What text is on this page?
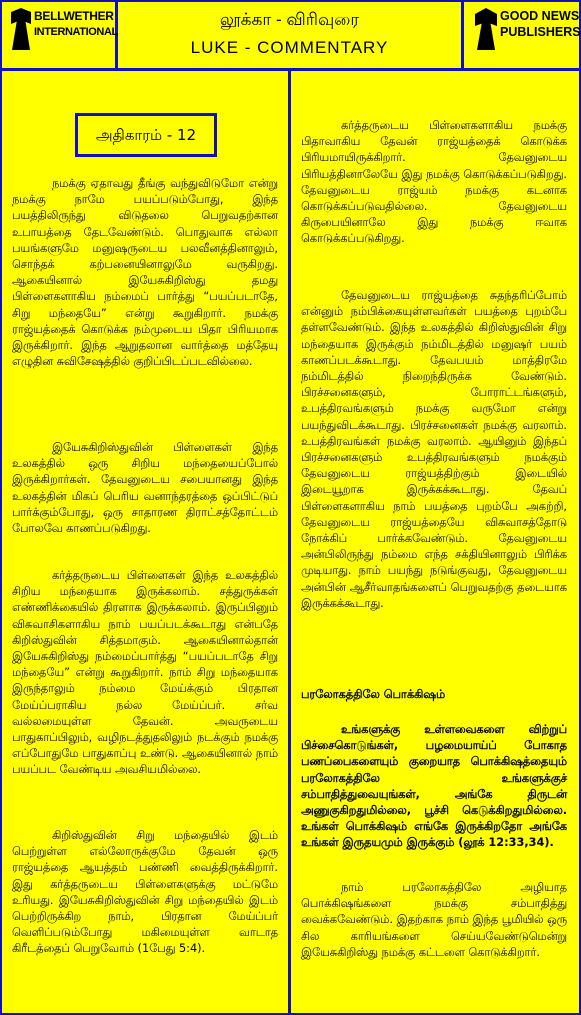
BELLWETHER
INTERNATIONAL
லூக்கா - விரிவுரை
LUKE - COMMENTARY
GOOD NEWS
PUBLISHERS
அதிகாரம் - 12

நமக்கு ஏதாவது தீங்கு வந்துவிடுமோ என்று நமக்கு நாமே பயப்படும்போது, இந்த பயத்திலிருந்து விடுதலை பெறுவதற்கான உபாயத்தை தேடவேண்டும். பொதுவாக எல்லா பயங்களுமே மனுஷருடைய பலவீனத்தினாலும், சொந்தக் கற்பனையினாலுமே வருகிறது. ஆகையினால் இயேசுகிறிஸ்து தமது பிள்ளைகளாகிய நம்மைப் பார்த்து “பயப்படாதே, சிறு மந்தையே” என்று கூறுகிறார். நமக்கு ராஜ்யத்தைக் கொடுக்க நம்முடைய பிதா பிரியமாக இருக்கிறார். இந்த ஆறுதலான வார்த்தை மத்தேயு எழுதின சுவிசேஷத்தில் குறிப்பிடப்படவில்லை.

இயேசுகிறிஸ்துவின் பிள்ளைகள் இந்த உலகத்தில் ஒரு சிறிய மந்தையைப்போல் இருக்கிறார்கள். தேவனுடைய சபையானது இந்த உலகத்தின் மிகப் பெரிய வனாந்தரத்தை ஒப்பிட்டுப் பார்க்கும்போது, ஒரு சாதாரண திராட்சத்தோட்டம் போலவே காணப்படுகிறது.

கர்த்தருடைய பிள்ளைகள் இந்த உலகத்தில் சிறிய மந்தையாக இருக்கலாம். சத்துருக்கள் எண்ணிக்கையில் திரளாக இருக்கலாம். இருப்பினும் விசுவாசிகளாகிய நாம் பயப்படக்கூடாது என்பதே கிறிஸ்துவின் சித்தமாகும். ஆகையினால்தான் இயேசுகிறிஸ்து நம்மைப்பார்த்து “பயப்படாதே சிறு மந்தையே” என்று கூறுகிறார். நாம் சிறு மந்தையாக இருந்தாலும் நம்மை மேய்க்கும் பிரதான மேய்ப்பராகிய நல்ல மேய்ப்பர். சர்வ வல்லமையுள்ள தேவன். அவருடைய பாதுகாப்பிலும், வழிநடத்துதலிலும் நடக்கும் நமக்கு எப்போதுமே பாதுகாப்பு உண்டு. ஆகையினால் நாம் பயப்பட வேண்டிய அவசியமில்லை.

கிறிஸ்துவின் சிறு மந்தையில் இடம் பெற்றுள்ள எல்லோருக்குமே தேவன் ஒரு ராஜ்யத்தை ஆயத்தம் பண்ணி வைத்திருக்கிறார். இது கர்த்தருடைய பிள்ளைகளுக்கு மட்டுமே உரியது. இயேசுகிறிஸ்துவின் சிறு மந்தையில் இடம் பெற்றிருக்கிற நாம், பிரதான மேய்ப்பர் வெளிப்படும்போது மகிமையுள்ள வாடாத கிரீடத்தைப் பெறுவோம் (1பேது 5:4).

கர்த்தருடைய பிள்ளைகளாகிய நமக்கு பிதாவாகிய தேவன் ராஜ்யத்தைக் கொடுக்க பிரியமாயிருக்கிறார். தேவனுடைய பிரியத்தினாலேயே இது நமக்கு கொடுக்கப்படுகிறது. தேவனுடைய ராஜ்யம் நமக்கு கடனாக கொடுக்கப்படுவதில்லை. தேவனுடைய கிருபையினாலே இது நமக்கு ஈவாக கொடுக்கப்படுகிறது.

தேவனுடைய ராஜ்யத்தை சுதந்தரிப்போம் என்னும் நம்பிக்கையுள்ளவர்கள் பயத்தை புறம்பே தள்ளவேண்டும். இந்த உலகத்தில் கிறிஸ்துவின் சிறு மந்தையாக இருக்கும் நம்மிடத்தில் மனுஷர் பயம் காணப்படக்கூடாது. தேவபயம் மாத்திரமே நம்மிடத்தில் நிறைந்திருக்க வேண்டும். பிரச்சனைகளும், போராட்டங்களும், உபத்திரவங்களும் நமக்கு வருமோ என்று பயந்துவிடக்கூடாது. பிரச்சனைகள் நமக்கு வரலாம். உபத்திரவங்கள் நமக்கு வரலாம். ஆயினும் இந்தப் பிரச்சனைகளும் உபத்திரவங்களும் நமக்கும் தேவனுடைய ராஜ்யத்திற்கும் இடையில் இடையூறாக இருக்கக்கூடாது. தேவப் பிள்ளைகளாகிய நாம் பயத்தை புறம்பே அகற்றி, தேவனுடைய ராஜ்யத்தையே விசுவாசத்தோடு நோக்கிப் பார்க்கவேண்டும். தேவனுடைய அன்பிலிருந்து நம்மை எந்த சக்தியினாலும் பிரிக்க முடியாது. நாம் பயந்து நடுங்குவது, தேவனுடைய அன்பின் ஆசீர்வாதங்களைப் பெறுவதற்கு தடையாக இருக்கக்கூடாது.

பரலோகத்திலே பொக்கிஷம்

உங்களுக்கு உள்ளவைகளை விற்றுப் பிச்சைகொடுங்கள், பழமையாய்ப் போகாத பணப்பைகளையும் குறையாத பொக்கிஷத்தையும் பரலோகத்திலே உங்களுக்குச் சம்பாதித்துவையுங்கள், அங்கே திருடன் அணுகுகிறதுமில்லை, பூச்சி கெடுக்கிறதுமில்லை. உங்கள் பொக்கிஷம் எங்கே இருக்கிறதோ அங்கே உங்கள் இருதயமும் இருக்கும் (லூக் 12:33,34).

நாம் பரலோகத்திலே அழியாத பொக்கிஷங்களை நமக்கு சம்பாதித்து வைக்கவேண்டும். இதற்காக நாம் இந்த பூமியில் ஒரு சில காரியங்களை செய்யவேண்டுமென்று இயேசுகிறிஸ்து நமக்கு கட்டளை கொடுக்கிறார்.
